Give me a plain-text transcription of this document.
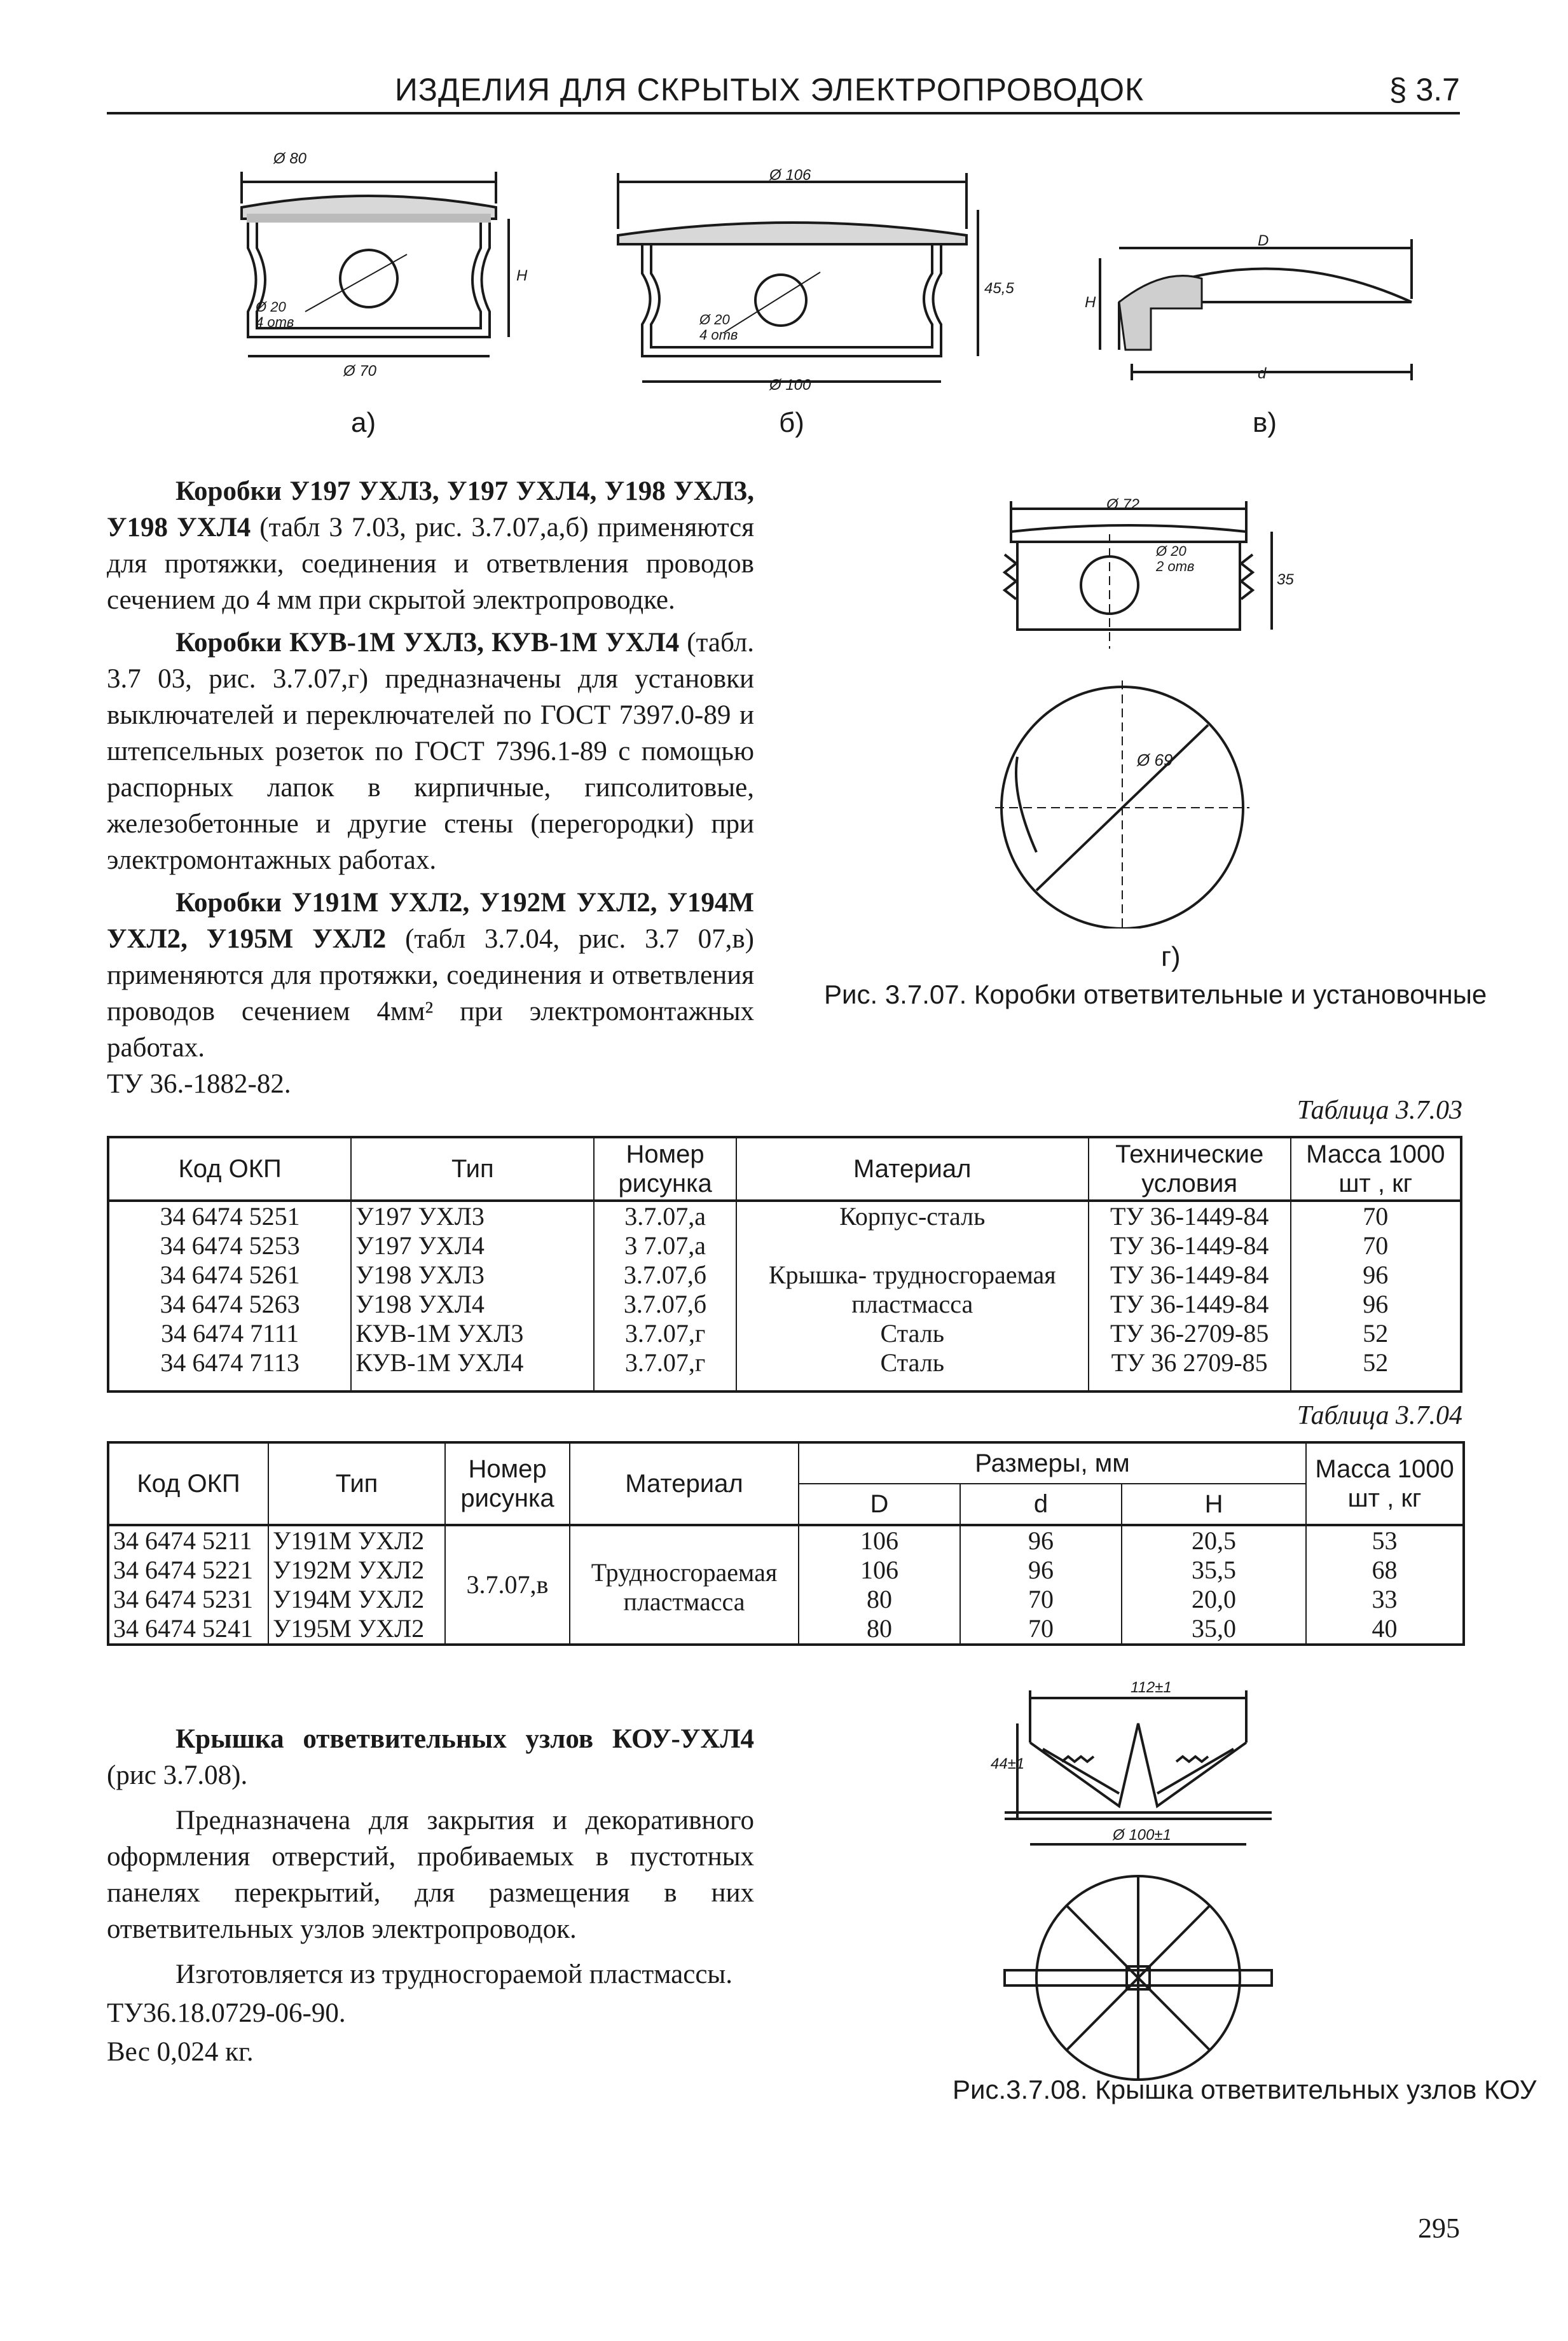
ИЗДЕЛИЯ ДЛЯ СКРЫТЫХ ЭЛЕКТРОПРОВОДОК	§ 3.7
Ø 80
Ø 20
4 отв
Ø 70
H
а)
Ø 106
Ø 20
4 отв
Ø 100
45,5
б)
D
d
H
в)

Коробки У197 УХЛ3, У197 УХЛ4, У198 УХЛ3, У198 УХЛ4 (табл 3 7.03, рис. 3.7.07,а,б) применяются для протяжки, соединения и ответвления проводов сечением до 4 мм при скрытой электропроводке.

Коробки КУВ-1М УХЛ3, КУВ-1М УХЛ4 (табл. 3.7 03, рис. 3.7.07,г) предназначены для установки выключателей и переключателей по ГОСТ 7397.0-89 и штепсельных розеток по ГОСТ 7396.1-89 с помощью распорных лапок в кирпичные, гипсолитовые, железобетонные и другие стены (перегородки) при электромонтажных работах.

Коробки У191М УХЛ2, У192М УХЛ2, У194М УХЛ2, У195М УХЛ2 (табл 3.7.04, рис. 3.7 07,в) применяются для протяжки, соединения и ответвления проводов сечением 4мм² при электромонтажных работах.

ТУ 36.-1882-82.

Ø 72
Ø 20
2 отв
35
Ø 69
г)
Рис. 3.7.07. Коробки ответвительные и установочные
Таблица 3.7.03
Код ОКП	Тип	Номер рисунка	Материал	Технические условия	Масса 1000 шт , кг
34 6474 5251	У197 УХЛ3	3.7.07,а	Корпус-сталь	ТУ 36-1449-84	70
34 6474 5253	У197 УХЛ4	3 7.07,а		ТУ 36-1449-84	70
34 6474 5261	У198 УХЛ3	3.7.07,б	Крышка- трудносгораемая	ТУ 36-1449-84	96
34 6474 5263	У198 УХЛ4	3.7.07,б	пластмасса	ТУ 36-1449-84	96
34 6474 7111	КУВ-1М УХЛ3	3.7.07,г	Сталь	ТУ 36-2709-85	52
34 6474 7113	КУВ-1М УХЛ4	3.7.07,г	Сталь	ТУ 36 2709-85	52
Таблица 3.7.04
Код ОКП	Тип	Номер рисунка	Материал	Размеры, мм			Масса 1000 шт , кг
				D	d	H	
34 6474 5211	У191М УХЛ2	3.7.07,в	Трудносгораемая пластмасса	106	96	20,5	53
34 6474 5221	У192М УХЛ2			106	96	35,5	68
34 6474 5231	У194М УХЛ2			80	70	20,0	33
34 6474 5241	У195М УХЛ2			80	70	35,0	40

Крышка ответвительных узлов КОУ-УХЛ4 (рис 3.7.08).

Предназначена для закрытия и декоративного оформления отверстий, пробиваемых в пустотных панелях перекрытий, для размещения в них ответвительных узлов электропроводок.

Изготовляется из трудносгораемой пластмассы.

ТУ36.18.0729-06-90.

Вес 0,024 кг.

112±1
44±1
Ø 100±1
Рис.3.7.08. Крышка ответвительных узлов КОУ
295
